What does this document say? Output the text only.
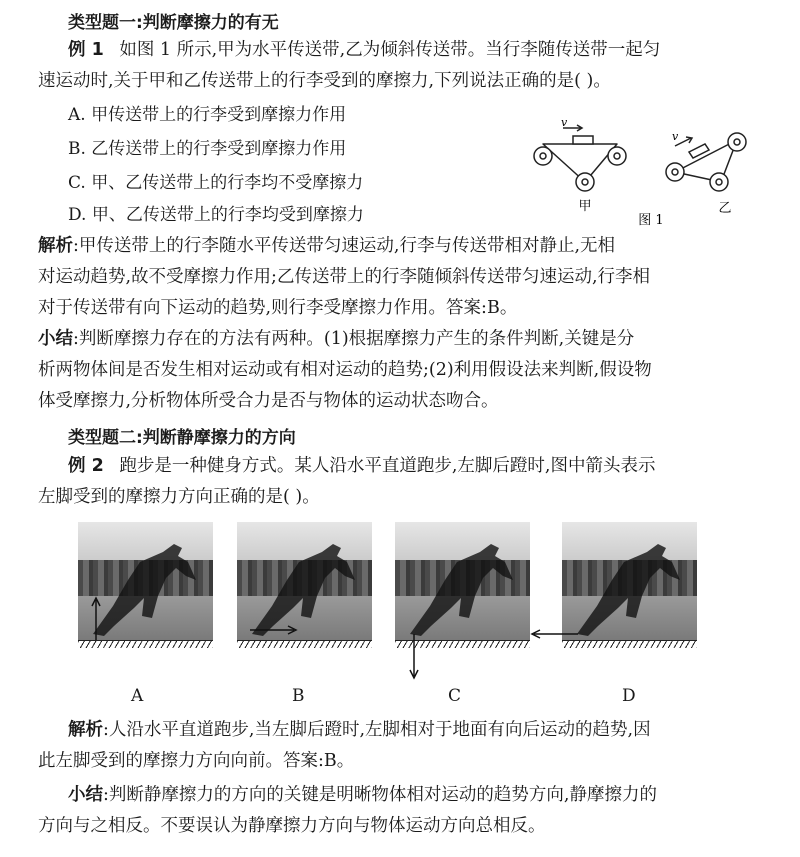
类型题一:判断摩擦力的有无
例 1 如图 1 所示,甲为水平传送带,乙为倾斜传送带。当行李随传送带一起匀
速运动时,关于甲和乙传送带上的行李受到的摩擦力,下列说法正确的是( )。
A. 甲传送带上的行李受到摩擦力作用
B. 乙传送带上的行李受到摩擦力作用
C. 甲、乙传送带上的行李均不受摩擦力
D. 甲、乙传送带上的行李均受到摩擦力
v
甲
v
乙
图 1
解析:甲传送带上的行李随水平传送带匀速运动,行李与传送带相对静止,无相
对运动趋势,故不受摩擦力作用;乙传送带上的行李随倾斜传送带匀速运动,行李相
对于传送带有向下运动的趋势,则行李受摩擦力作用。答案:B。
小结:判断摩擦力存在的方法有两种。(1)根据摩擦力产生的条件判断,关键是分
析两物体间是否发生相对运动或有相对运动的趋势;(2)利用假设法来判断,假设物
体受摩擦力,分析物体所受合力是否与物体的运动状态吻合。
类型题二:判断静摩擦力的方向
例 2 跑步是一种健身方式。某人沿水平直道跑步,左脚后蹬时,图中箭头表示
左脚受到的摩擦力方向正确的是( )。
A	B	C	D
解析:人沿水平直道跑步,当左脚后蹬时,左脚相对于地面有向后运动的趋势,因
此左脚受到的摩擦力方向向前。答案:B。
小结:判断静摩擦力的方向的关键是明晰物体相对运动的趋势方向,静摩擦力的
方向与之相反。不要误认为静摩擦力方向与物体运动方向总相反。
